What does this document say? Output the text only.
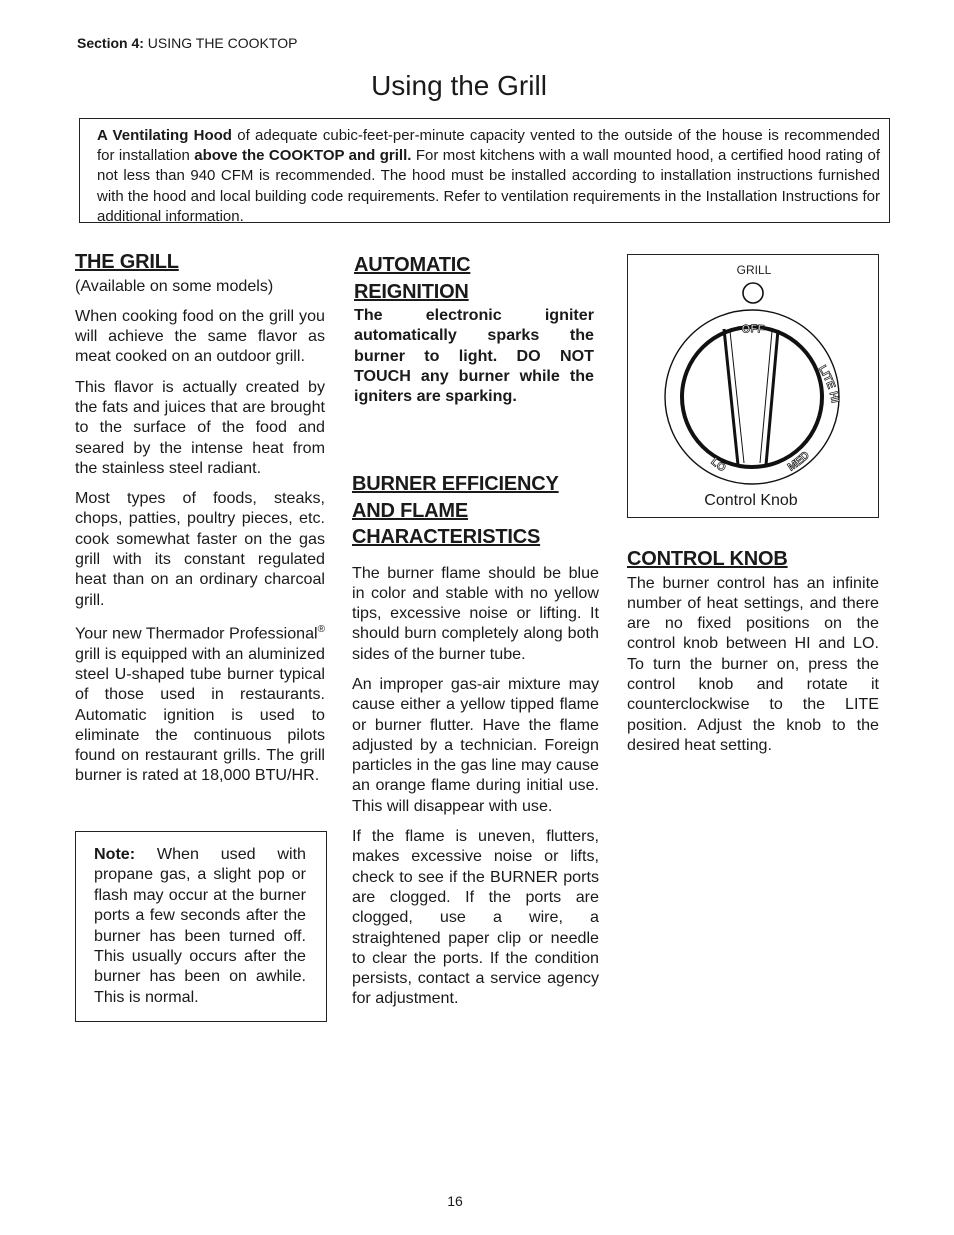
Section 4: USING THE COOKTOP
Using the Grill
A Ventilating Hood of adequate cubic-feet-per-minute capacity vented to the outside of the house is recommended for installation above the COOKTOP and grill. For most kitchens with a wall mounted hood, a certified hood rating of not less than 940 CFM is recommended. The hood must be installed according to installation instructions furnished with the hood and local building code requirements. Refer to ventilation requirements in the Installation Instructions for additional information.
THE GRILL

(Available on some models)

When cooking food on the grill you will achieve the same flavor as meat cooked on an outdoor grill.

This flavor is actually created by the fats and juices that are brought to the surface of the food and seared by the intense heat from the stainless steel radiant.

Most types of foods, steaks, chops, patties, poultry pieces, etc. cook somewhat faster on the gas grill with its constant regulated heat than on an ordinary charcoal grill.

Your new Thermador Professional® grill is equipped with an aluminized steel U-shaped tube burner typical of those used in restaurants. Automatic ignition is used to eliminate the continuous pilots found on restaurant grills. The grill burner is rated at 18,000 BTU/HR.

Note: When used with propane gas, a slight pop or flash may occur at the burner ports a few seconds after the burner has been turned off. This usually occurs after the burner has been on awhile. This is normal.
AUTOMATIC
REIGNITION

The electronic igniter automatically sparks the burner to light. DO NOT TOUCH any burner while the igniters are sparking.

BURNER EFFICIENCY
AND FLAME
CHARACTERISTICS

The burner flame should be blue in color and stable with no yellow tips, excessive noise or lifting. It should burn completely along both sides of the burner tube.

An improper gas-air mixture may cause either a yellow tipped flame or burner flutter. Have the flame adjusted by a technician. Foreign particles in the gas line may cause an orange flame during initial use. This will disappear with use.

If the flame is uneven, flutters, makes excessive noise or lifts, check to see if the BURNER ports are clogged. If the ports are clogged, use a wire, a straightened paper clip or needle to clear the ports. If the condition persists, contact a service agency for adjustment.

GRILL
OFF
LITE HI
MED
LO
Control Knob
CONTROL KNOB

The burner control has an infinite number of heat settings, and there are no fixed positions on the control knob between HI and LO. To turn the burner on, press the control knob and rotate it counterclockwise to the LITE position. Adjust the knob to the desired heat setting.

16
